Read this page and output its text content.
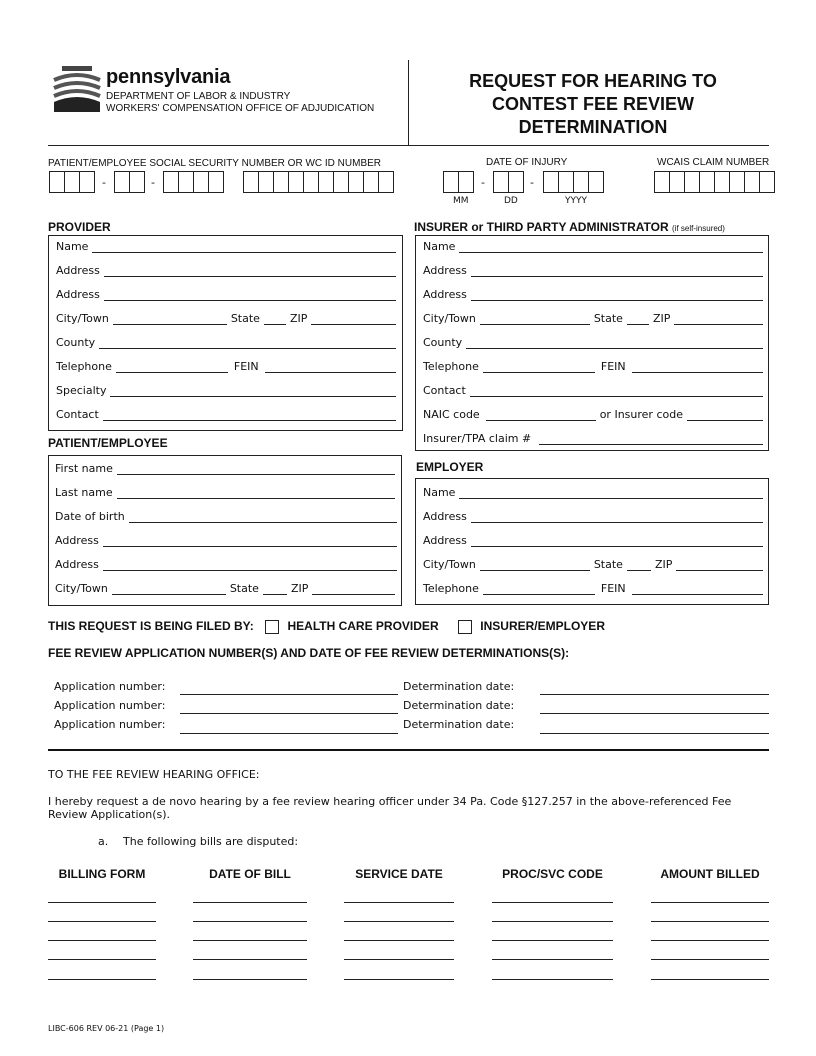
pennsylvania
DEPARTMENT OF LABOR & INDUSTRY
WORKERS' COMPENSATION OFFICE OF ADJUDICATION
REQUEST FOR HEARING TO
CONTEST FEE REVIEW
DETERMINATION
PATIENT/EMPLOYEE SOCIAL SECURITY NUMBER OR WC ID NUMBER	DATE OF INJURY	WCAIS CLAIM NUMBER
-	-	-	-
MM	DD	YYYY
PROVIDER
Name
Address
Address
City/Town	State	ZIP
County
Telephone	FEIN
Specialty
Contact
INSURER or THIRD PARTY ADMINISTRATOR (if self-insured)
Name
Address
Address
City/Town	State	ZIP
County
Telephone	FEIN
Contact
NAIC code	or Insurer code
Insurer/TPA claim #
PATIENT/EMPLOYEE
First name
Last name
Date of birth
Address
Address
City/Town	State	ZIP
EMPLOYER
Name
Address
Address
City/Town	State	ZIP
Telephone	FEIN
THIS REQUEST IS BEING FILED BY:	HEALTH CARE PROVIDER	INSURER/EMPLOYER
FEE REVIEW APPLICATION NUMBER(S) AND DATE OF FEE REVIEW DETERMINATIONS(S):
Application number:	Determination date:
Application number:	Determination date:
Application number:	Determination date:
TO THE FEE REVIEW HEARING OFFICE:
I hereby request a de novo hearing by a fee review hearing officer under 34 Pa. Code §127.257 in the above-referenced Fee
Review Application(s).
a. The following bills are disputed:
BILLING FORM	DATE OF BILL	SERVICE DATE	PROC/SVC CODE	AMOUNT BILLED
LIBC-606 REV 06-21 (Page 1)
